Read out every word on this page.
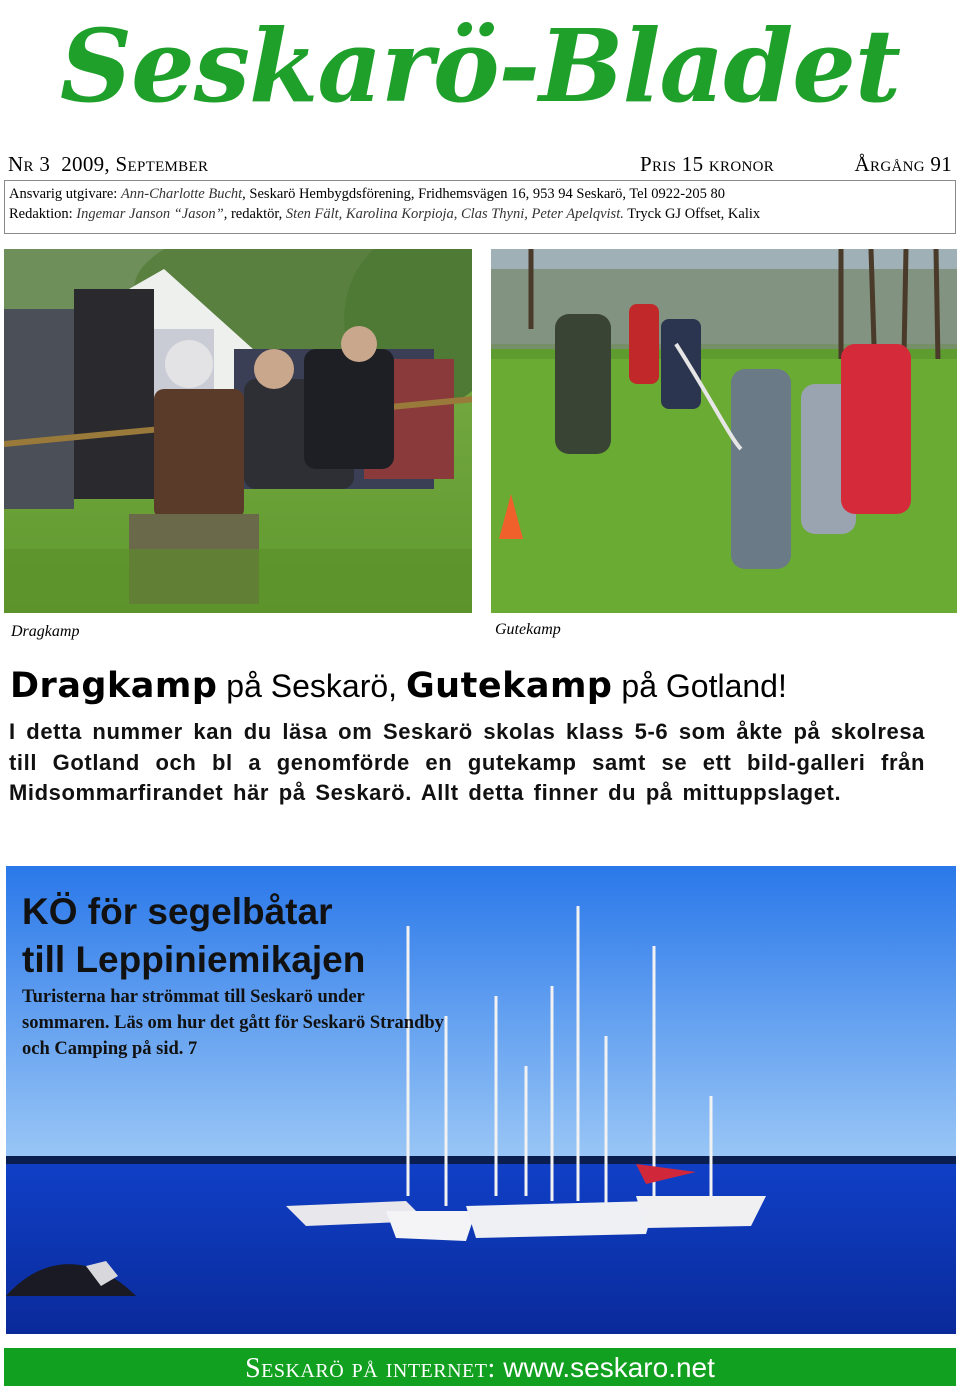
Seskarö-Bladet
Nr 3 2009, September	Pris 15 kronor	Årgång 91
Ansvarig utgivare: Ann-Charlotte Bucht, Seskarö Hembygdsförening, Fridhemsvägen 16, 953 94 Seskarö, Tel 0922-205 80
Redaktion: Ingemar Janson “Jason”, redaktör, Sten Fält, Karolina Korpioja, Clas Thyni, Peter Apelqvist. Tryck GJ Offset, Kalix
Dragkamp	Gutekamp
Dragkamp på Seskarö, Gutekamp på Gotland!

I detta nummer kan du läsa om Seskarö skolas klass 5-6 som åkte på skolresa till Gotland och bl a genomförde en gutekamp samt se ett bild-galleri från Midsommarfirandet här på Seskarö. Allt detta finner du på mittuppslaget.

KÖ för segelbåtar
till Leppiniemikajen
Turisterna har strömmat till Seskarö under sommaren. Läs om hur det gått för Seskarö Strandby och Camping på sid. 7
Seskarö på internet: www.seskaro.net
